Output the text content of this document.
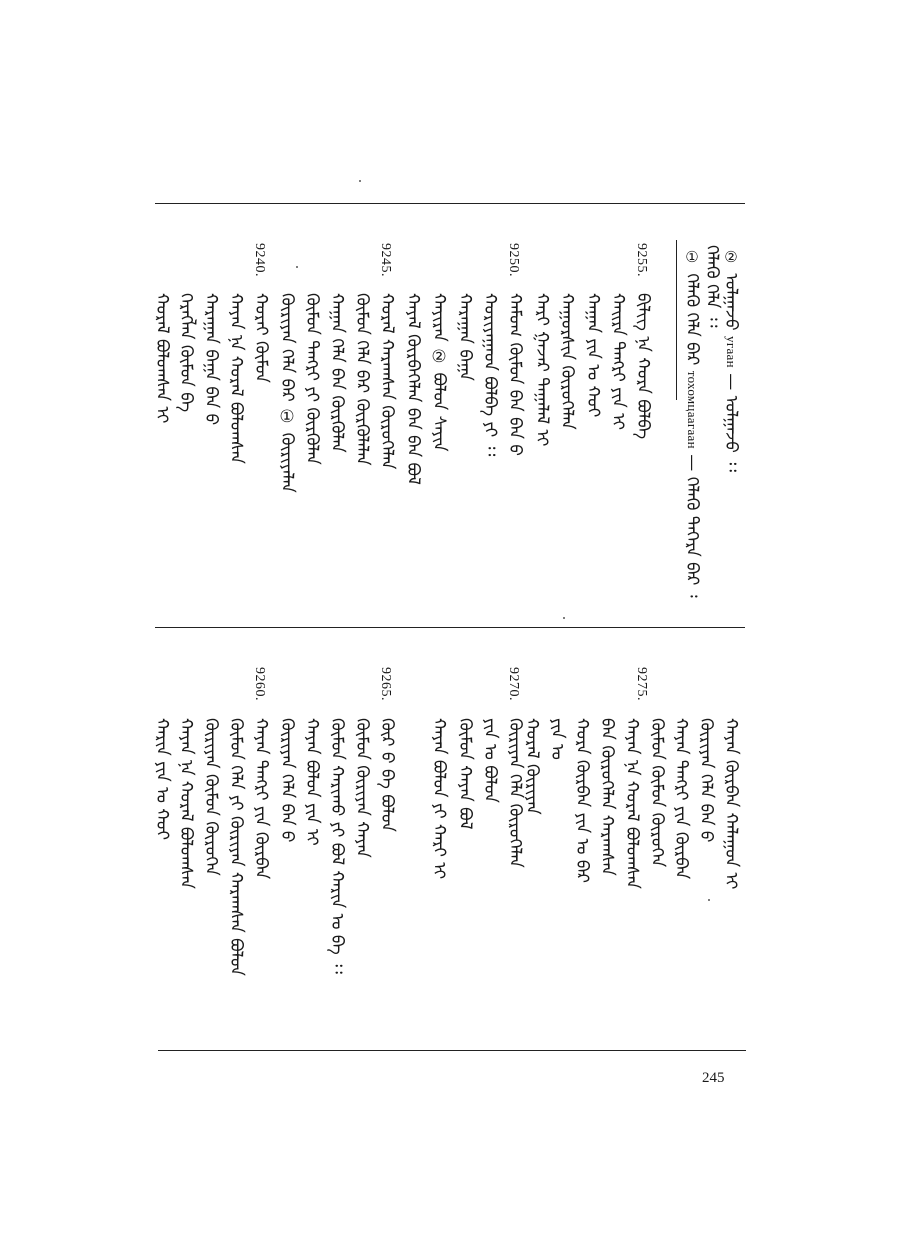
② ᠣᠯᠭᠠᠵᠤ yгаан — ᠣᠯᠭᠠᠵᠤ ᠄᠄
ᠬᠡᠯᠡᠬᠦ ᠬᠡᠯᠡ ᠄᠄
① ᠬᠡᠯᠡᠬᠦ ᠬᠡᠯᠡ ᠪᠡᠷ тохомцаагаан — ᠬᠡᠯᠡᠬᠦ ᠳᠡᠭᠡᠷᠡ ᠪᠡᠷ ᠄
9255.
9250.
9245.
9240.
ᠪᠢᠯᠢᠭ ᠨᠡ ᠬᠤᠷᠠ ᠪᠣᠯᠪᠠ
ᠬᠠᠢᠷᠠ ᠲᠡᠩᠷᠢ ᠶᠢᠨ ᠢ
ᠬᠠᠭᠠᠨ ᠶᠢᠨ ᠤ ᠬᠤᠢ
ᠬᠠᠭᠤᠷᠰᠢᠨ ᠬᠦᠷᠦᠭᠡᠯᠡᠨ
ᠬᠠᠷᠢ ᠭᠠᠵᠠᠷ ᠲᠠᠭᠠᠯᠠᠯ ᠢ
ᠬᠠᠮᠤᠭ ᠬᠦᠮᠦᠨ ᠪᠡᠨ ᠪᠠᠨ ᠪ
ᠬᠤᠷᠢᠶᠠᠭᠠᠳ ᠪᠣᠯᠪᠠ ᠶᠢ ᠄᠄
ᠬᠠᠷᠠᠭᠠᠨ ᠪᠠᠭᠠ
ᠬᠠᠶᠢᠷᠠᠨ ② ᠪᠣᠯᠤᠨ ᠰᠠᠶᠢᠨ
ᠬᠠᠶᠠᠯ ᠬᠦᠷᠪᠡᠭᠡᠯᠡᠨ ᠪᠡᠨ ᠪᠠᠨ ᠪᠣᠯ
ᠬᠤᠷᠠᠯ ᠬᠠᠷᠠᠭᠰᠠᠨ ᠬᠦᠷᠦᠭᠡᠯᠡᠨ
ᠬᠦᠮᠦᠨ ᠬᠡᠯᠡ ᠪᠡᠷ ᠬᠦᠷᠬᠦᠯᠡᠯᠡᠨ
ᠬᠠᠭᠠᠨ ᠬᠡᠯᠡ ᠪᠡᠨ ᠬᠦᠷᠬᠦᠯᠡᠨ
ᠬᠦᠮᠦᠨ ᠲᠡᠩᠷᠢ ᠶᠢ ᠬᠦᠷᠬᠦᠯᠡᠨ
ᠬᠦᠷᠢᠶᠡᠨ ᠬᠡᠯᠡ ᠪᠡᠷ ① ᠬᠦᠷᠢᠶᠡᠯᠡᠨ
ᠬᠤᠷᠠᠶ ᠬᠦᠮᠦᠨ
ᠬᠠᠶᠠᠨ ᠨᠡ ᠬᠤᠷᠠᠯ ᠪᠣᠯᠤᠭᠰᠠᠨ
ᠬᠠᠷᠠᠭᠠᠨ ᠪᠠᠭᠠ ᠪᠠᠨ ᠪ
ᠬᠡᠷᠡᠭᠯᠡᠨ ᠬᠦᠮᠦᠨ ᠪᠡ
ᠬᠤᠷᠠᠯ ᠪᠣᠯᠤᠭᠰᠠᠨ ᠢ
9275.
9270.
9265.
9260.
ᠬᠠᠶᠠᠨ ᠬᠦᠷᠪᠡᠨ ᠬᠠᠯᠠᠭᠤᠨ ᠢ
ᠬᠦᠷᠢᠶᠡᠨ ᠬᠡᠯᠡ ᠪᠡᠨ ᠪ
ᠬᠠᠶᠠᠨ ᠲᠡᠩᠷᠢ ᠶᠢᠨ ᠬᠦᠷᠪᠡᠨ
ᠬᠦᠮᠦᠨ ᠬᠦᠮᠦᠨ ᠬᠦᠷᠦᠭᠡᠨ
ᠬᠠᠶᠠᠨ ᠨᠡ ᠬᠤᠷᠠᠯ ᠪᠣᠯᠤᠭᠰᠠᠨ
ᠪᠡᠨ ᠬᠦᠷᠦᠭᠡᠯᠡᠨ ᠬᠠᠷᠠᠭᠰᠠᠨ
ᠬᠤᠷᠠ ᠬᠦᠷᠪᠡᠨ ᠶᠢᠨ ᠤ ᠪᠡᠷ
ᠶᠢᠨ ᠤ
ᠬᠤᠷᠠᠯ ᠬᠦᠷᠢᠶᠡᠨ
ᠬᠦᠷᠢᠶᠡᠨ ᠬᠡᠯᠡ ᠬᠦᠷᠦᠭᠡᠯᠡᠨ
ᠶᠢᠨ ᠤ ᠪᠣᠯᠤᠨ
ᠬᠦᠮᠦᠨ ᠬᠠᠶᠠᠨ ᠪᠣᠯ
ᠬᠠᠶᠠᠨ ᠪᠣᠯᠤᠨ ᠶᠢ ᠬᠠᠷᠢ ᠢ
ᠬᠦᠷ ᠪ ᠪᠡ ᠪᠣᠯᠤᠨ
ᠬᠦᠮᠦᠨ ᠬᠦᠷᠢᠶᠡᠨ ᠬᠠᠶᠠᠨ
ᠬᠦᠮᠦᠨ ᠬᠠᠷᠢᠬᠤ ᠶᠢ ᠪᠣᠯ ᠬᠠᠷᠢᠨ ᠤ ᠪᠠ ᠄᠄
ᠬᠠᠶᠠᠨ ᠪᠣᠯᠤᠨ ᠶᠢᠨ ᠢ
ᠬᠦᠷᠢᠶᠡᠨ ᠬᠡᠯᠡ ᠪᠡᠨ ᠪ
ᠬᠠᠶᠠᠨ ᠲᠡᠩᠷᠢ ᠶᠢᠨ ᠬᠦᠷᠪᠡᠨ
ᠬᠦᠮᠦᠨ ᠬᠡᠯᠡ ᠶᠢ ᠬᠦᠷᠢᠶᠡᠨ ᠬᠠᠷᠠᠭᠰᠠᠨ ᠪᠣᠯᠤᠨ
ᠬᠦᠷᠢᠶᠡᠨ ᠬᠦᠮᠦᠨ ᠬᠦᠷᠦᠭᠡᠨ
ᠬᠠᠶᠠᠨ ᠨᠡ ᠬᠤᠷᠠᠯ ᠪᠣᠯᠤᠭᠰᠠᠨ
ᠬᠠᠷᠢᠨ ᠶᠢᠨ ᠤ ᠬᠤᠢ
245
